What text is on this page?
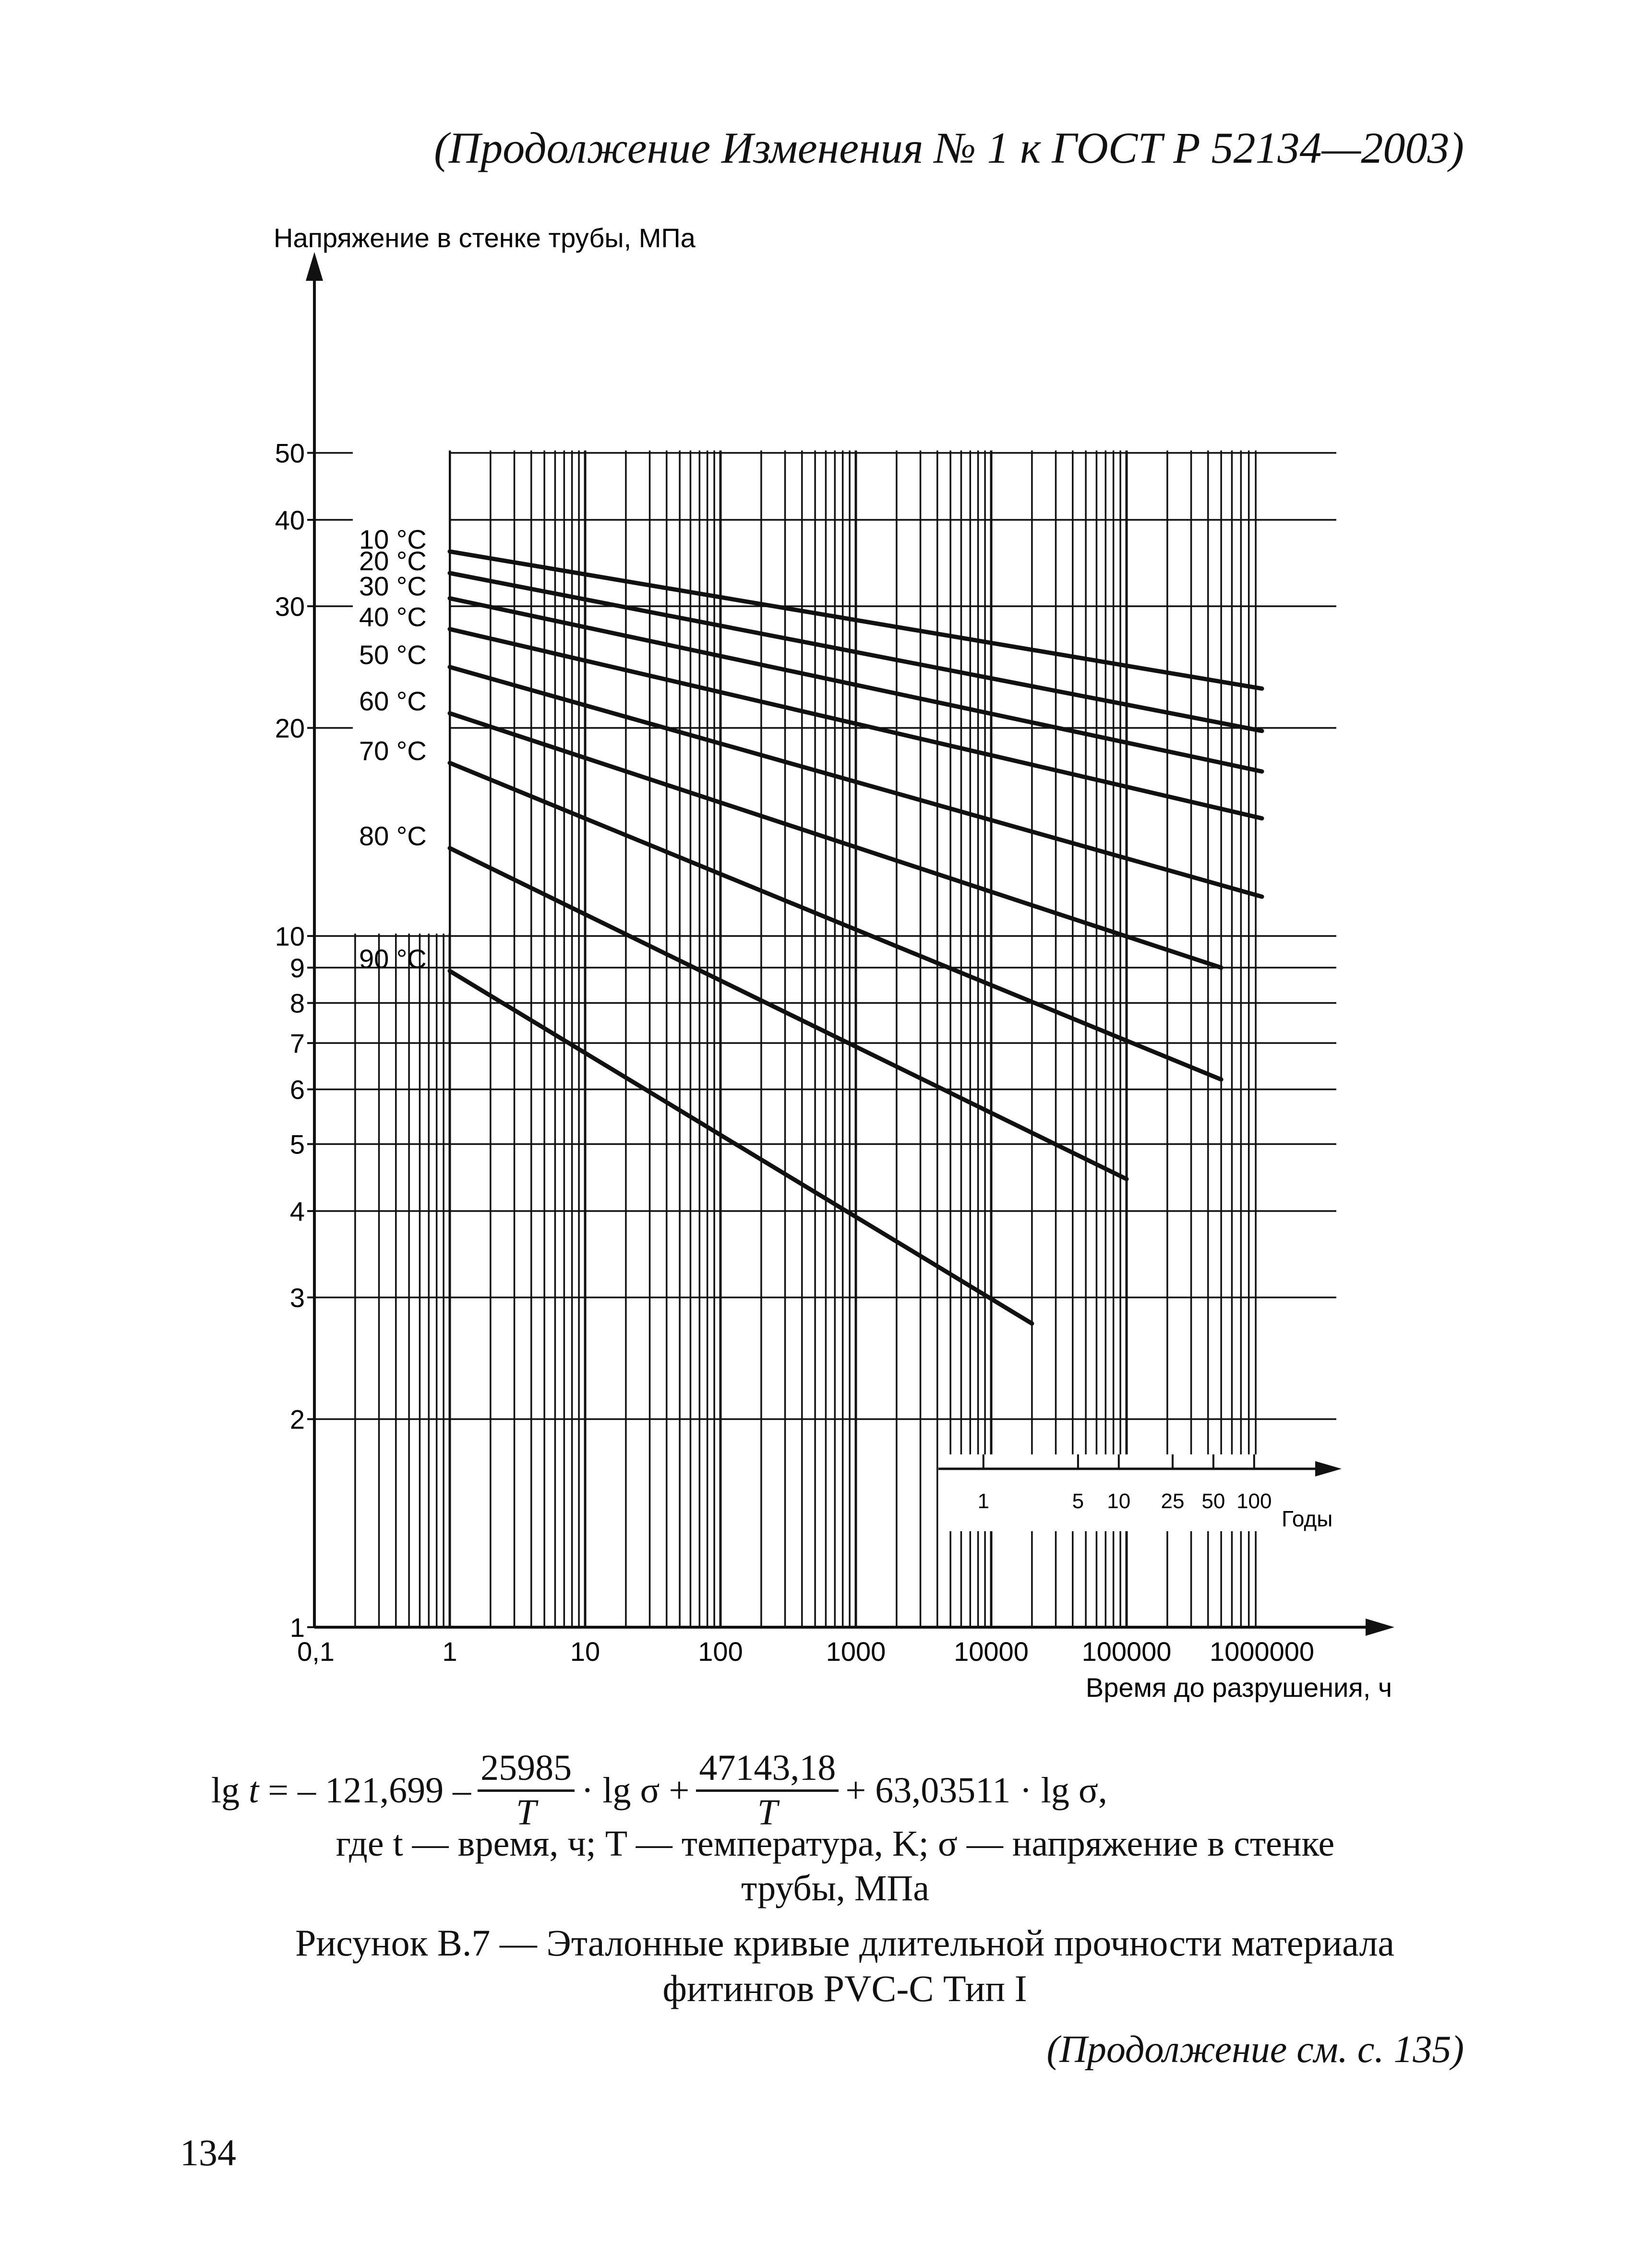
(Продолжение Изменения № 1 к ГОСТ Р 52134—2003)
Напряжение в стенке трубы, МПа
Время до разрушения, ч
1
2
3
4
5
6
7
8
9
10
20
30
40
50
0,1	1	10	100	1000	10000 100000 1000000
10 °C
20 °C
30 °C
40 °C
50 °C
60 °C
70 °C
80 °C
90 °C
1	5 10 25 50 100
Годы
lg
t
= – $121,699 - \frac{25985}{T} \cdot \lg \sigma + \frac{47143,18}{T} + 63,03511 \cdot \lg \sigma$,
где t — время, ч; T — температура, K; σ — напряжение в стенке
трубы, МПа
Рисунок В.7 — Эталонные кривые длительной прочности материала
фитингов PVC-C Тип I
(Продолжение см. с. 135)
134
